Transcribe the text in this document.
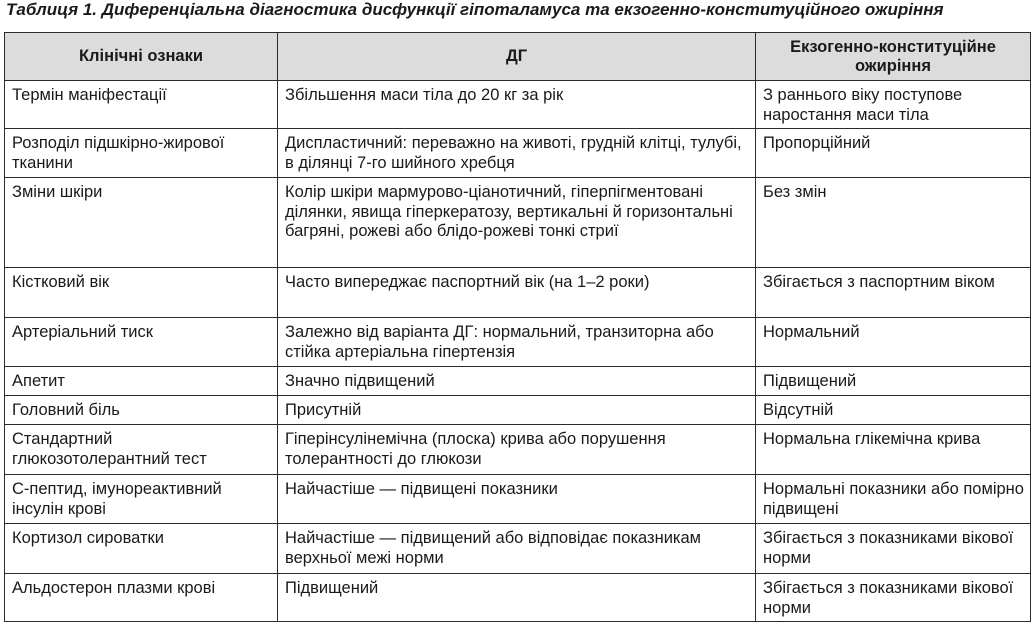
Таблиця 1. Диференціальна діагностика дисфункції гіпоталамуса та екзогенно-конституційного ожиріння
Клінічні ознаки	ДГ	Екзогенно-конституційне ожиріння
Термін маніфестації	Збільшення маси тіла до 20 кг за рік	З раннього віку поступове наростання маси тіла
Розподіл підшкірно-жирової тканини	Диспластичний: переважно на животі, грудній клітці, тулубі, в ділянці 7-го шийного хребця	Пропорційний
Зміни шкіри	Колір шкіри мармурово-ціанотичний, гіперпігментовані ділянки, явища гіперкератозу, вертикальні й горизонтальні багряні, рожеві або блідо-рожеві тонкі стриї	Без змін
Кістковий вік	Часто випереджає паспортний вік (на 1–2 роки)	Збігається з паспортним віком
Артеріальний тиск	Залежно від варіанта ДГ: нормальний, транзиторна або стійка артеріальна гіпертензія	Нормальний
Апетит	Значно підвищений	Підвищений
Головний біль	Присутній	Відсутній
Стандартний глюкозотолерантний тест	Гіперінсулінемічна (плоска) крива або порушення толерантності до глюкози	Нормальна глікемічна крива
С-пептид, імунореактивний інсулін крові	Найчастіше — підвищені показники	Нормальні показники або помірно підвищені
Кортизол сироватки	Найчастіше — підвищений або відповідає показникам верхньої межі норми	Збігається з показниками вікової норми
Альдостерон плазми крові	Підвищений	Збігається з показниками вікової норми
